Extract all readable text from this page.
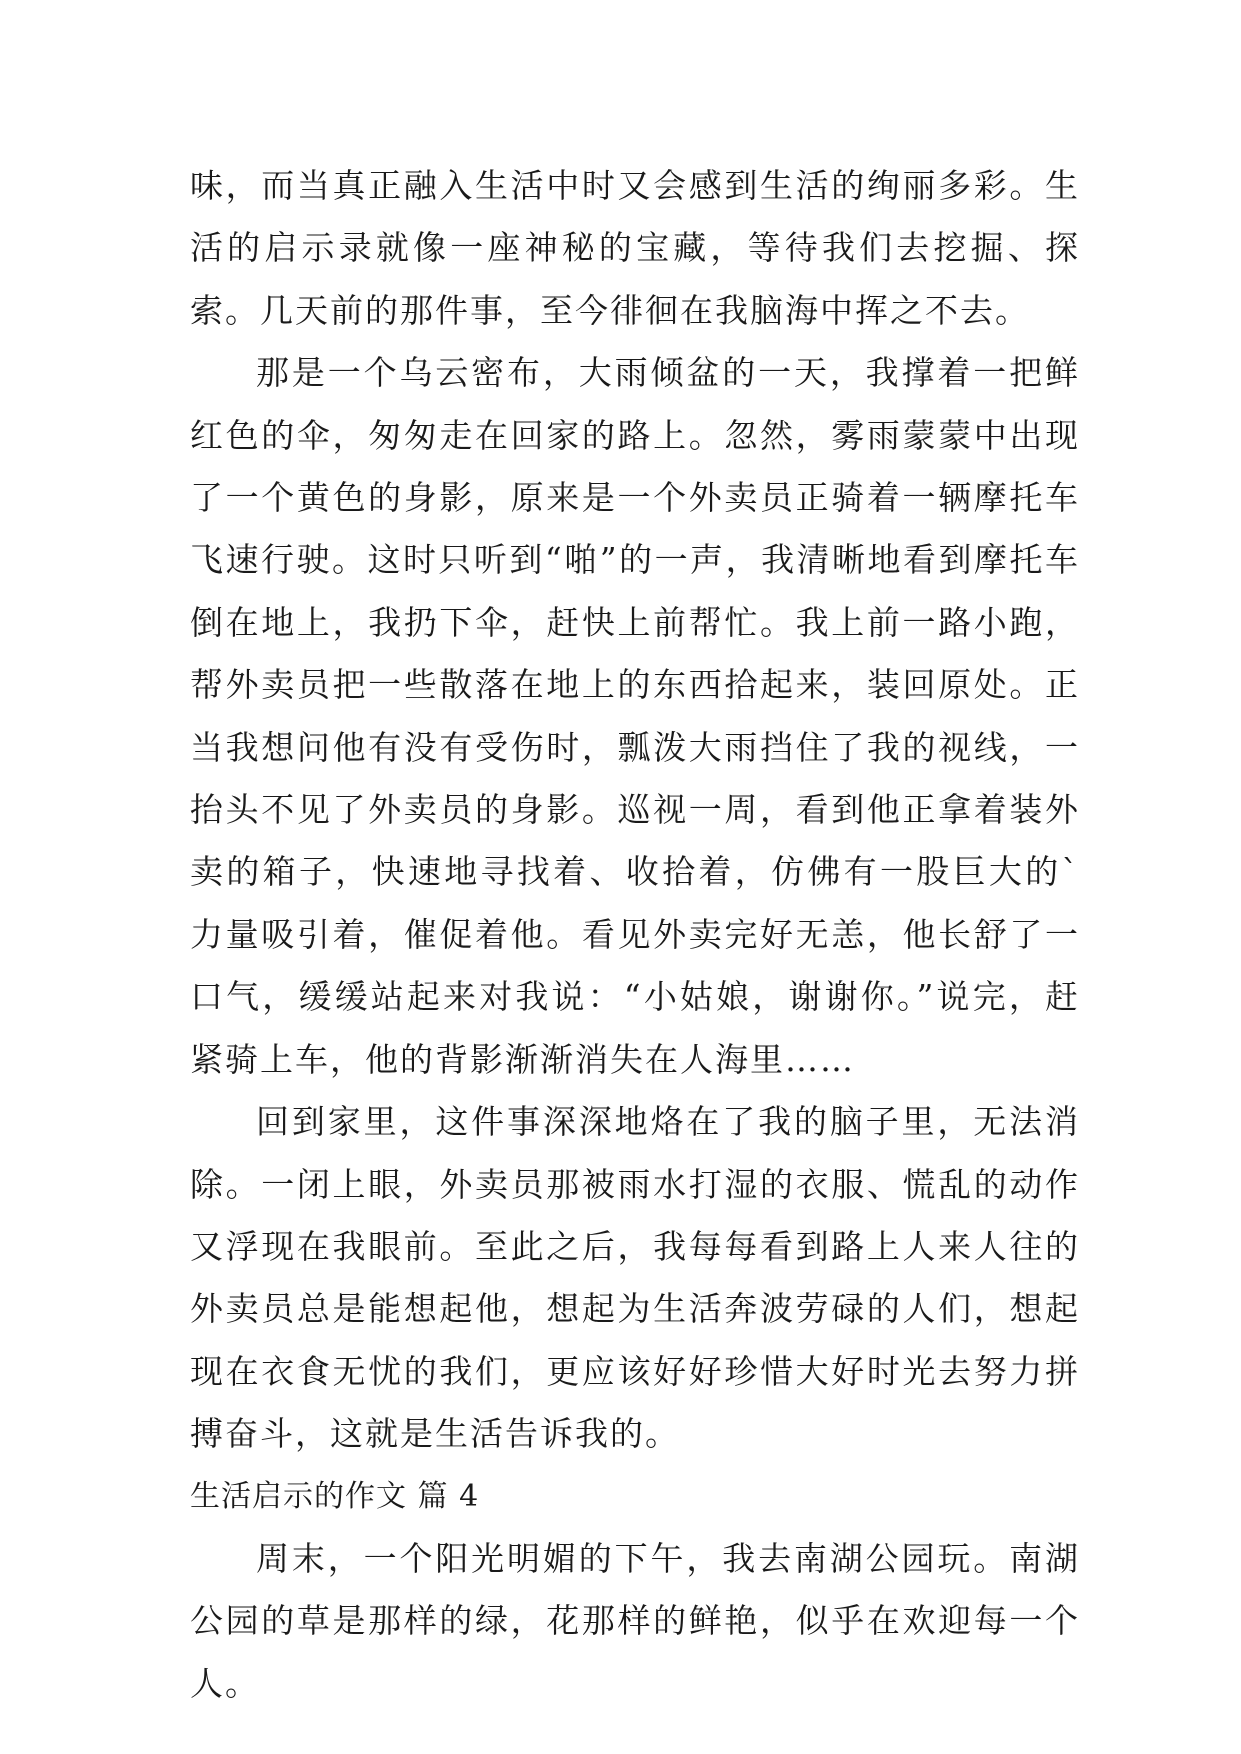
味，而当真正融入生活中时又会感到生活的绚丽多彩。生活的启示录就像一座神秘的宝藏，等待我们去挖掘、探索。几天前的那件事，至今徘徊在我脑海中挥之不去。

那是一个乌云密布，大雨倾盆的一天，我撑着一把鲜红色的伞，匆匆走在回家的路上。忽然，雾雨蒙蒙中出现了一个黄色的身影，原来是一个外卖员正骑着一辆摩托车飞速行驶。这时只听到“啪”的一声，我清晰地看到摩托车倒在地上，我扔下伞，赶快上前帮忙。我上前一路小跑，帮外卖员把一些散落在地上的东西拾起来，装回原处。正当我想问他有没有受伤时，瓢泼大雨挡住了我的视线，一抬头不见了外卖员的身影。巡视一周，看到他正拿着装外卖的箱子，快速地寻找着、收拾着，仿佛有一股巨大的`力量吸引着，催促着他。看见外卖完好无恙，他长舒了一口气，缓缓站起来对我说：“小姑娘，谢谢你。”说完，赶紧骑上车，他的背影渐渐消失在人海里……

回到家里，这件事深深地烙在了我的脑子里，无法消除。一闭上眼，外卖员那被雨水打湿的衣服、慌乱的动作又浮现在我眼前。至此之后，我每每看到路上人来人往的外卖员总是能想起他，想起为生活奔波劳碌的人们，想起现在衣食无忧的我们，更应该好好珍惜大好时光去努力拼搏奋斗，这就是生活告诉我的。

生活启示的作文 篇 4

周末，一个阳光明媚的下午，我去南湖公园玩。南湖公园的草是那样的绿，花那样的鲜艳，似乎在欢迎每一个人。
